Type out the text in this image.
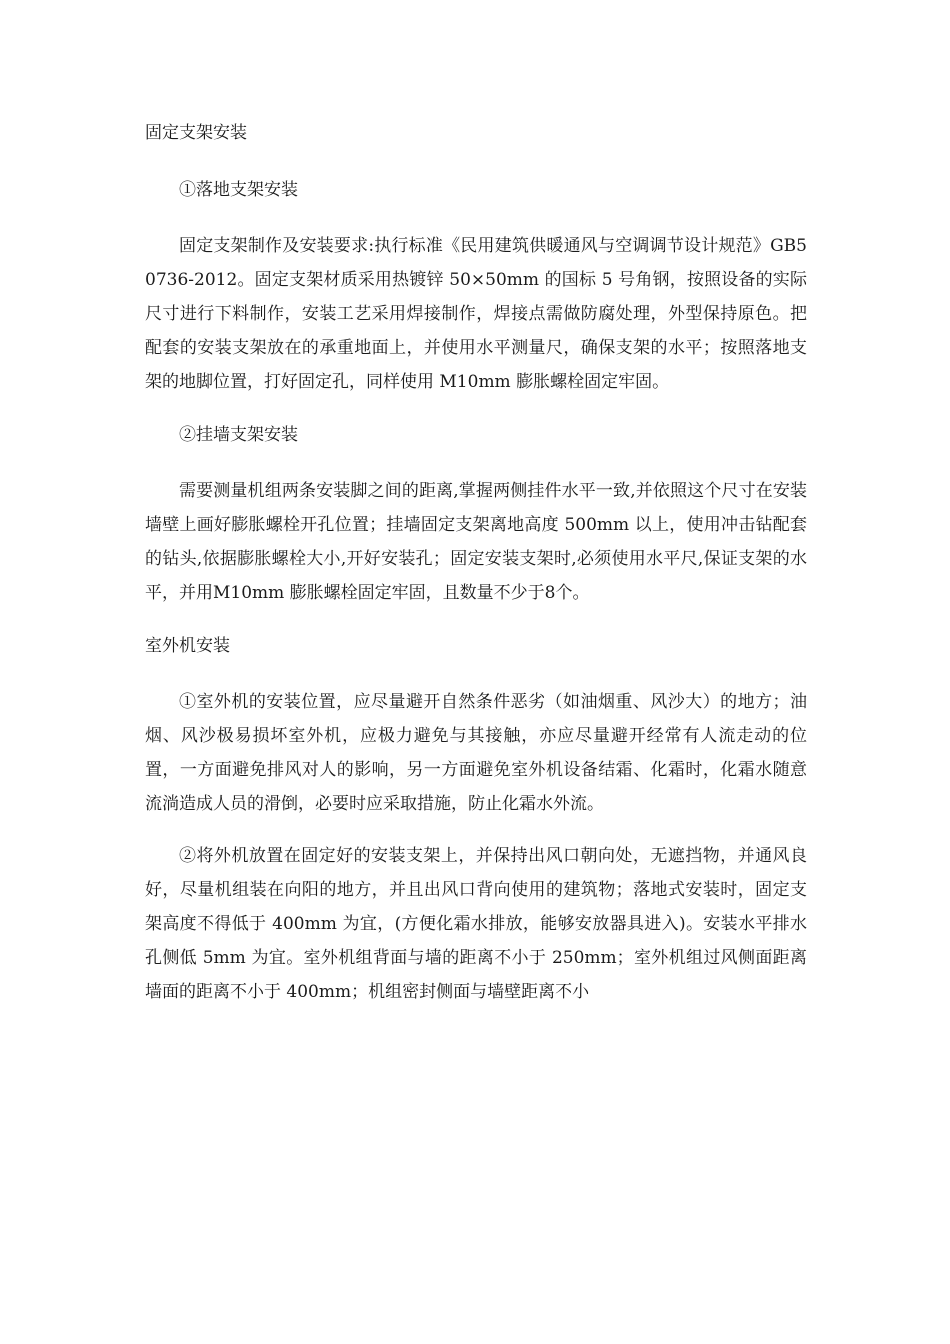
固定支架安装
①落地支架安装

固定支架制作及安装要求:执行标准《民用建筑供暖通风与空调调节设计规范》GB50736-2012。固定支架材质采用热镀锌 50×50mm 的国标 5 号角钢，按照设备的实际尺寸进行下料制作，安装工艺采用焊接制作，焊接点需做防腐处理，外型保持原色。把配套的安装支架放在的承重地面上，并使用水平测量尺，确保支架的水平；按照落地支架的地脚位置，打好固定孔，同样使用 M10mm 膨胀螺栓固定牢固。

②挂墙支架安装

需要测量机组两条安装脚之间的距离,掌握两侧挂件水平一致,并依照这个尺寸在安装墙壁上画好膨胀螺栓开孔位置；挂墙固定支架离地高度 500mm 以上，使用冲击钻配套的钻头,依据膨胀螺栓大小,开好安装孔；固定安装支架时,必须使用水平尺,保证支架的水平，并用M10mm 膨胀螺栓固定牢固，且数量不少于8个。

室外机安装

①室外机的安装位置，应尽量避开自然条件恶劣（如油烟重、风沙大）的地方；油烟、风沙极易损坏室外机，应极力避免与其接触，亦应尽量避开经常有人流走动的位置，一方面避免排风对人的影响，另一方面避免室外机设备结霜、化霜时，化霜水随意流淌造成人员的滑倒，必要时应采取措施，防止化霜水外流。

②将外机放置在固定好的安装支架上，并保持出风口朝向处，无遮挡物，并通风良好，尽量机组装在向阳的地方，并且出风口背向使用的建筑物；落地式安装时，固定支架高度不得低于 400mm 为宜，(方便化霜水排放，能够安放器具进入)。安装水平排水孔侧低 5mm 为宜。室外机组背面与墙的距离不小于 250mm；室外机组过风侧面距离墙面的距离不小于 400mm；机组密封侧面与墙壁距离不小
